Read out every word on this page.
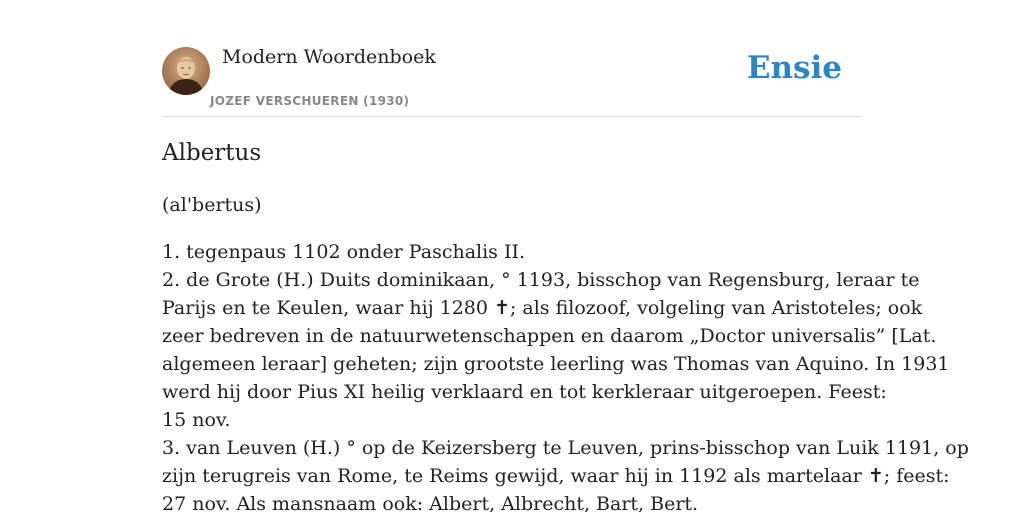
Modern Woordenboek
JOZEF VERSCHUEREN (1930)
Ensie
Albertus
(al'bertus)
1. tegenpaus 1102 onder Paschalis II.
2. de Grote (H.) Duits dominikaan, ° 1193, bisschop van Regensburg, leraar te
Parijs en te Keulen, waar hij 1280 ✝; als filozoof, volgeling van Aristoteles; ook
zeer bedreven in de natuurwetenschappen en daarom „Doctor universalis” [Lat.
algemeen leraar] geheten; zijn grootste leerling was Thomas van Aquino. In 1931
werd hij door Pius XI heilig verklaard en tot kerkleraar uitgeroepen. Feest:
15 nov.
3. van Leuven (H.) ° op de Keizersberg te Leuven, prins-bisschop van Luik 1191, op
zijn terugreis van Rome, te Reims gewijd, waar hij in 1192 als martelaar ✝; feest:
27 nov. Als mansnaam ook: Albert, Albrecht, Bart, Bert.
